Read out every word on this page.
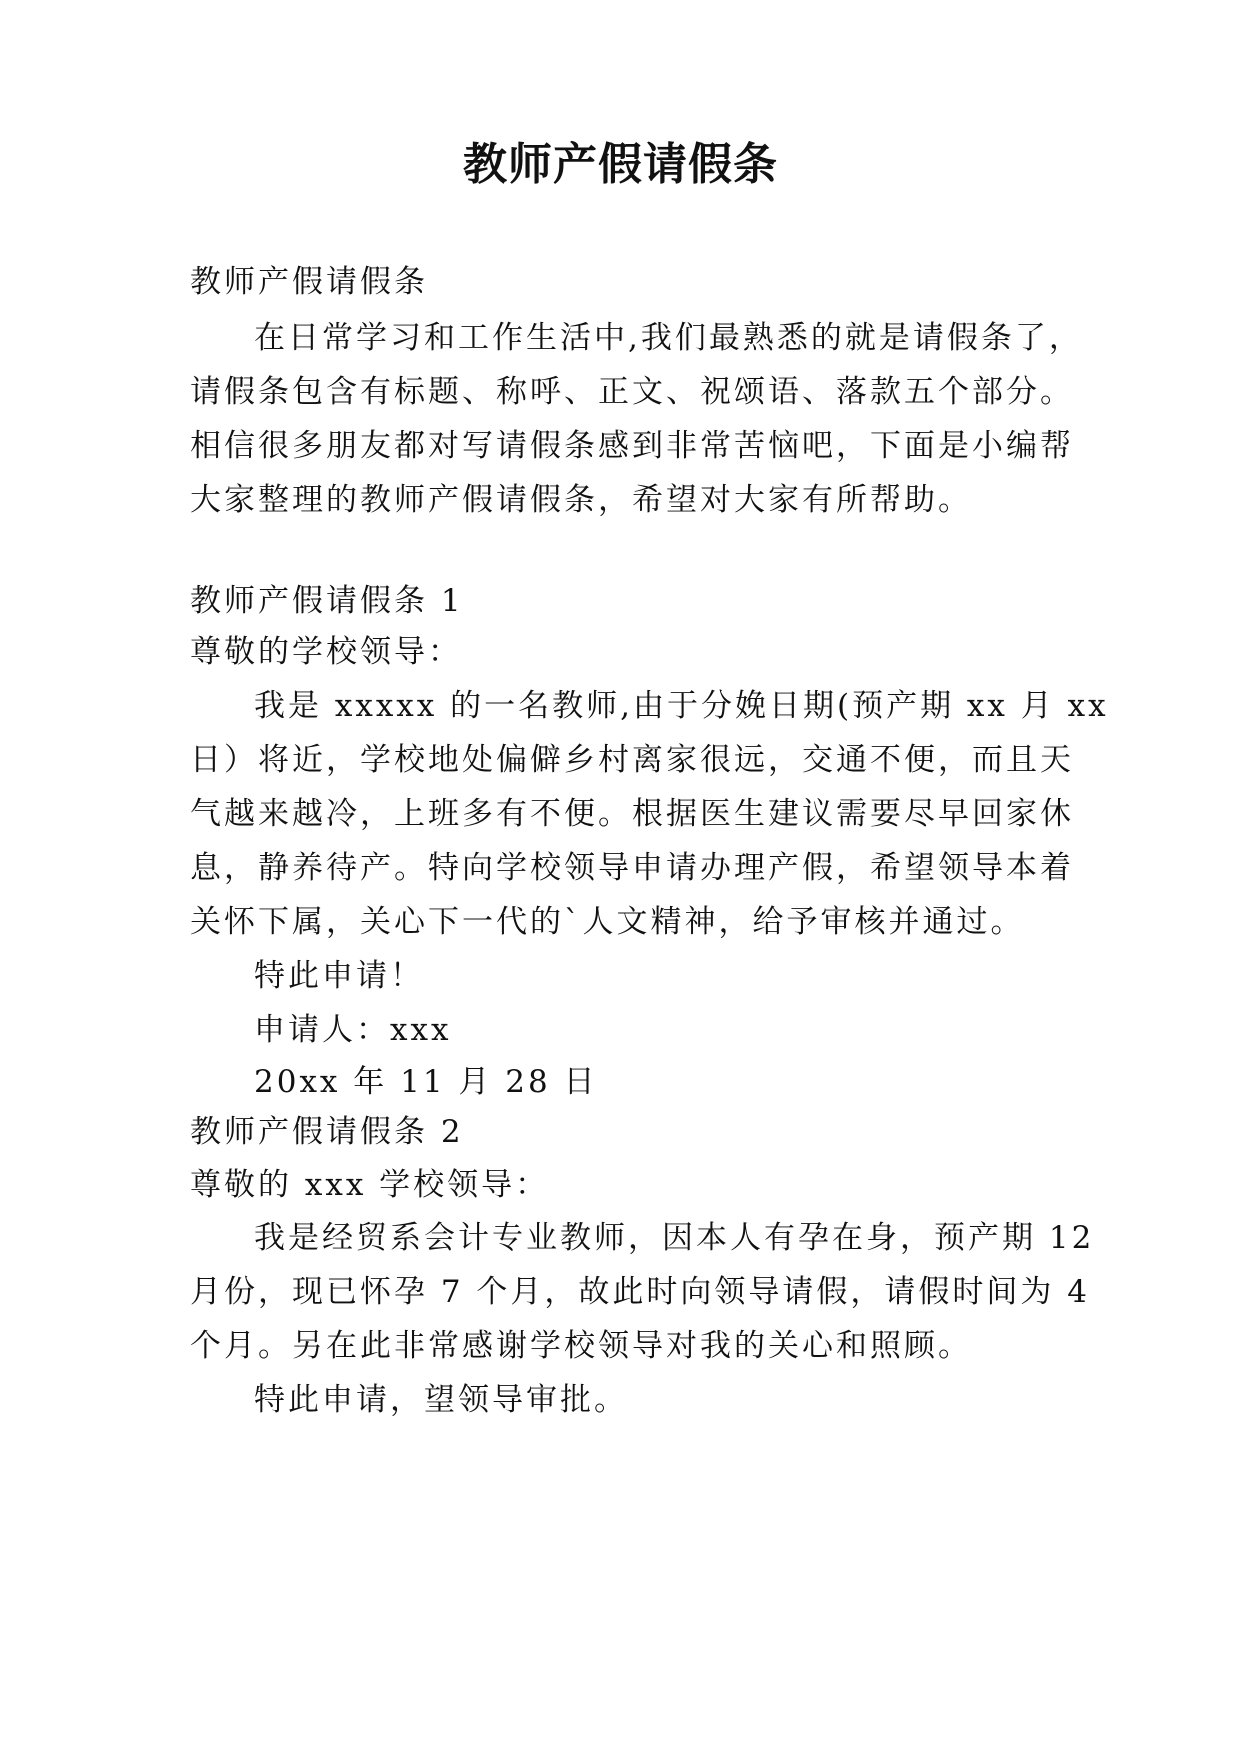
教师产假请假条
教师产假请假条
在日常学习和工作生活中,我们最熟悉的就是请假条了，
请假条包含有标题、称呼、正文、祝颂语、落款五个部分。
相信很多朋友都对写请假条感到非常苦恼吧，下面是小编帮
大家整理的教师产假请假条，希望对大家有所帮助。
教师产假请假条 1
尊敬的学校领导：
我是 xxxxx 的一名教师,由于分娩日期(预产期 xx 月 xx
日）将近，学校地处偏僻乡村离家很远，交通不便，而且天
气越来越冷，上班多有不便。根据医生建议需要尽早回家休
息，静养待产。特向学校领导申请办理产假，希望领导本着
关怀下属，关心下一代的`人文精神，给予审核并通过。
特此申请！
申请人：xxx
20xx 年 11 月 28 日
教师产假请假条 2
尊敬的 xxx 学校领导：
我是经贸系会计专业教师，因本人有孕在身，预产期 12
月份，现已怀孕 7 个月，故此时向领导请假，请假时间为 4
个月。另在此非常感谢学校领导对我的关心和照顾。
特此申请，望领导审批。
